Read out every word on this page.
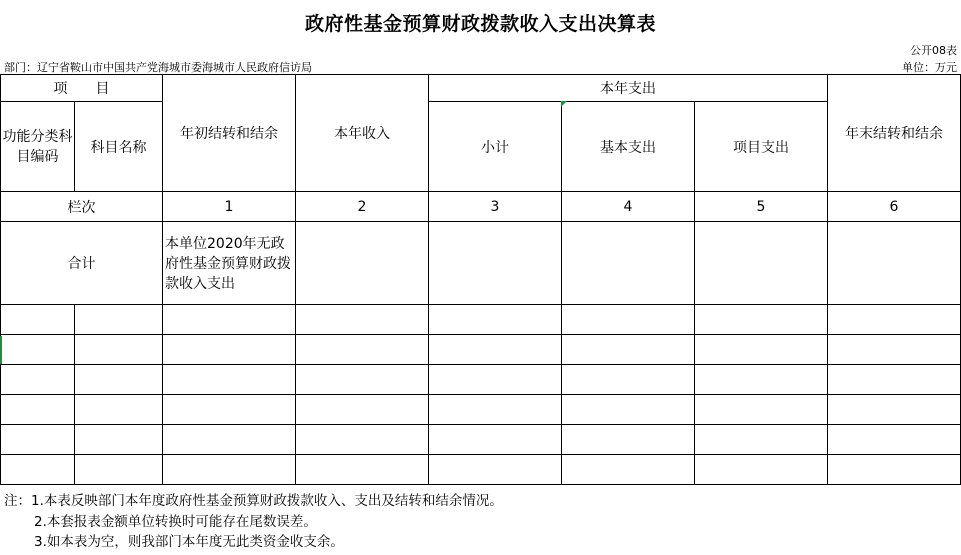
政府性基金预算财政拨款收入支出决算表
公开08表
部门：辽宁省鞍山市中国共产党海城市委海城市人民政府信访局	单位：万元
项　　目		年初结转和结余	本年收入	本年支出			年末结转和结余
功能分类科目编码	科目名称			小计	基本支出	项目支出	
栏次		1	2	3	4	5	6
合计		本单位2020年无政府性基金预算财政拨款收入支出					

注：1.本表反映部门本年度政府性基金预算财政拨款收入、支出及结转和结余情况。
2.本套报表金额单位转换时可能存在尾数误差。
3.如本表为空，则我部门本年度无此类资金收支余。
